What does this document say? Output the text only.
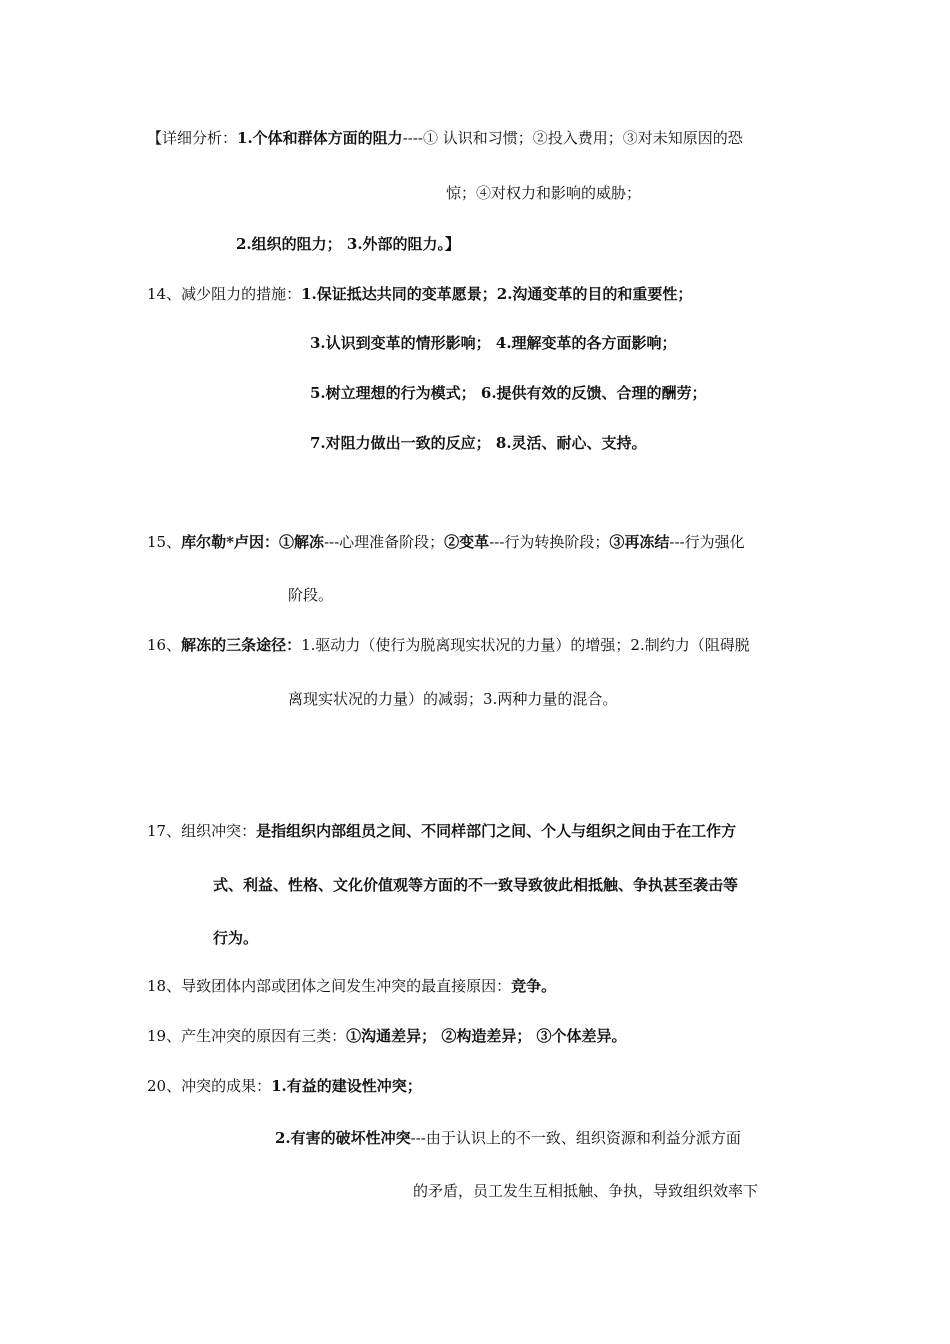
【详细分析：1.个体和群体方面的阻力----① 认识和习惯；②投入费用；③对未知原因的恐
惊；④对权力和影响的威胁；
2.组织的阻力； 3.外部的阻力。】
14、减少阻力的措施：1.保证抵达共同的变革愿景；2.沟通变革的目的和重要性；
3.认识到变革的情形影响； 4.理解变革的各方面影响；
5.树立理想的行为模式； 6.提供有效的反馈、合理的酬劳；
7.对阻力做出一致的反应； 8.灵活、耐心、支持。
15、库尔勒*卢因：①解冻---心理准备阶段；②变革---行为转换阶段；③再冻结---行为强化
阶段。
16、解冻的三条途径：1.驱动力（使行为脱离现实状况的力量）的增强；2.制约力（阻碍脱
离现实状况的力量）的减弱；3.两种力量的混合。
17、组织冲突：是指组织内部组员之间、不同样部门之间、个人与组织之间由于在工作方
式、利益、性格、文化价值观等方面的不一致导致彼此相抵触、争执甚至袭击等
行为。
18、导致团体内部或团体之间发生冲突的最直接原因：竞争。
19、产生冲突的原因有三类：①沟通差异； ②构造差异； ③个体差异。
20、冲突的成果：1.有益的建设性冲突；
2.有害的破坏性冲突---由于认识上的不一致、组织资源和利益分派方面
的矛盾，员工发生互相抵触、争执，导致组织效率下
